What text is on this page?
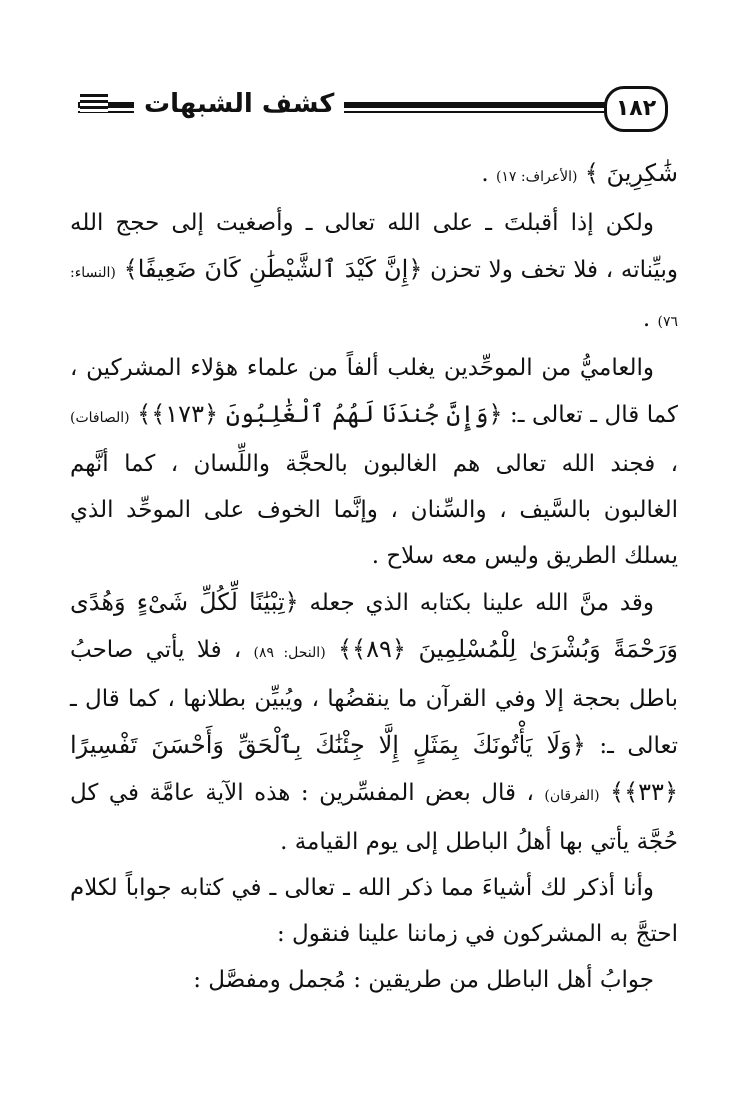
كشف الشبهات	١٨٢

شَٰكِرِينَ ﴾ (الأعراف: ١٧) .

ولكن إذا أقبلتَ ـ على الله تعالى ـ وأصغيت إلى حجج الله وبيِّناته ، فلا تخف ولا تحزن ﴿إِنَّ كَيْدَ ٱلشَّيْطَٰنِ كَانَ ضَعِيفًا﴾ (النساء: ٧٦) .

والعاميُّ من الموحِّدين يغلب ألفاً من علماء هؤلاء المشركين ، كما قال ـ تعالى ـ: ﴿وَإِنَّ جُندَنَا لَهُمُ ٱلْغَٰلِبُونَ ﴿١٧٣﴾﴾ (الصافات) ، فجند الله تعالى هم الغالبون بالحجَّة واللِّسان ، كما أنَّهم الغالبون بالسَّيف ، والسِّنان ، وإنَّما الخوف على الموحِّد الذي يسلك الطريق وليس معه سلاح .

وقد منَّ الله علينا بكتابه الذي جعله ﴿تِبْيَٰنًا لِّكُلِّ شَىْءٍ وَهُدًى وَرَحْمَةً وَبُشْرَىٰ لِلْمُسْلِمِينَ ﴿٨٩﴾﴾ (النحل: ٨٩) ، فلا يأتي صاحبُ باطل بحجة إلا وفي القرآن ما ينقضُها ، ويُبيِّن بطلانها ، كما قال ـ تعالى ـ: ﴿وَلَا يَأْتُونَكَ بِمَثَلٍ إِلَّا جِئْنَٰكَ بِٱلْحَقِّ وَأَحْسَنَ تَفْسِيرًا ﴿٣٣﴾﴾ (الفرقان) ، قال بعض المفسِّرين : هذه الآية عامَّة في كل حُجَّة يأتي بها أهلُ الباطل إلى يوم القيامة .

وأنا أذكر لك أشياءَ مما ذكر الله ـ تعالى ـ في كتابه جواباً لكلام احتجَّ به المشركون في زماننا علينا فنقول :

جوابُ أهل الباطل من طريقين : مُجمل ومفصَّل :
